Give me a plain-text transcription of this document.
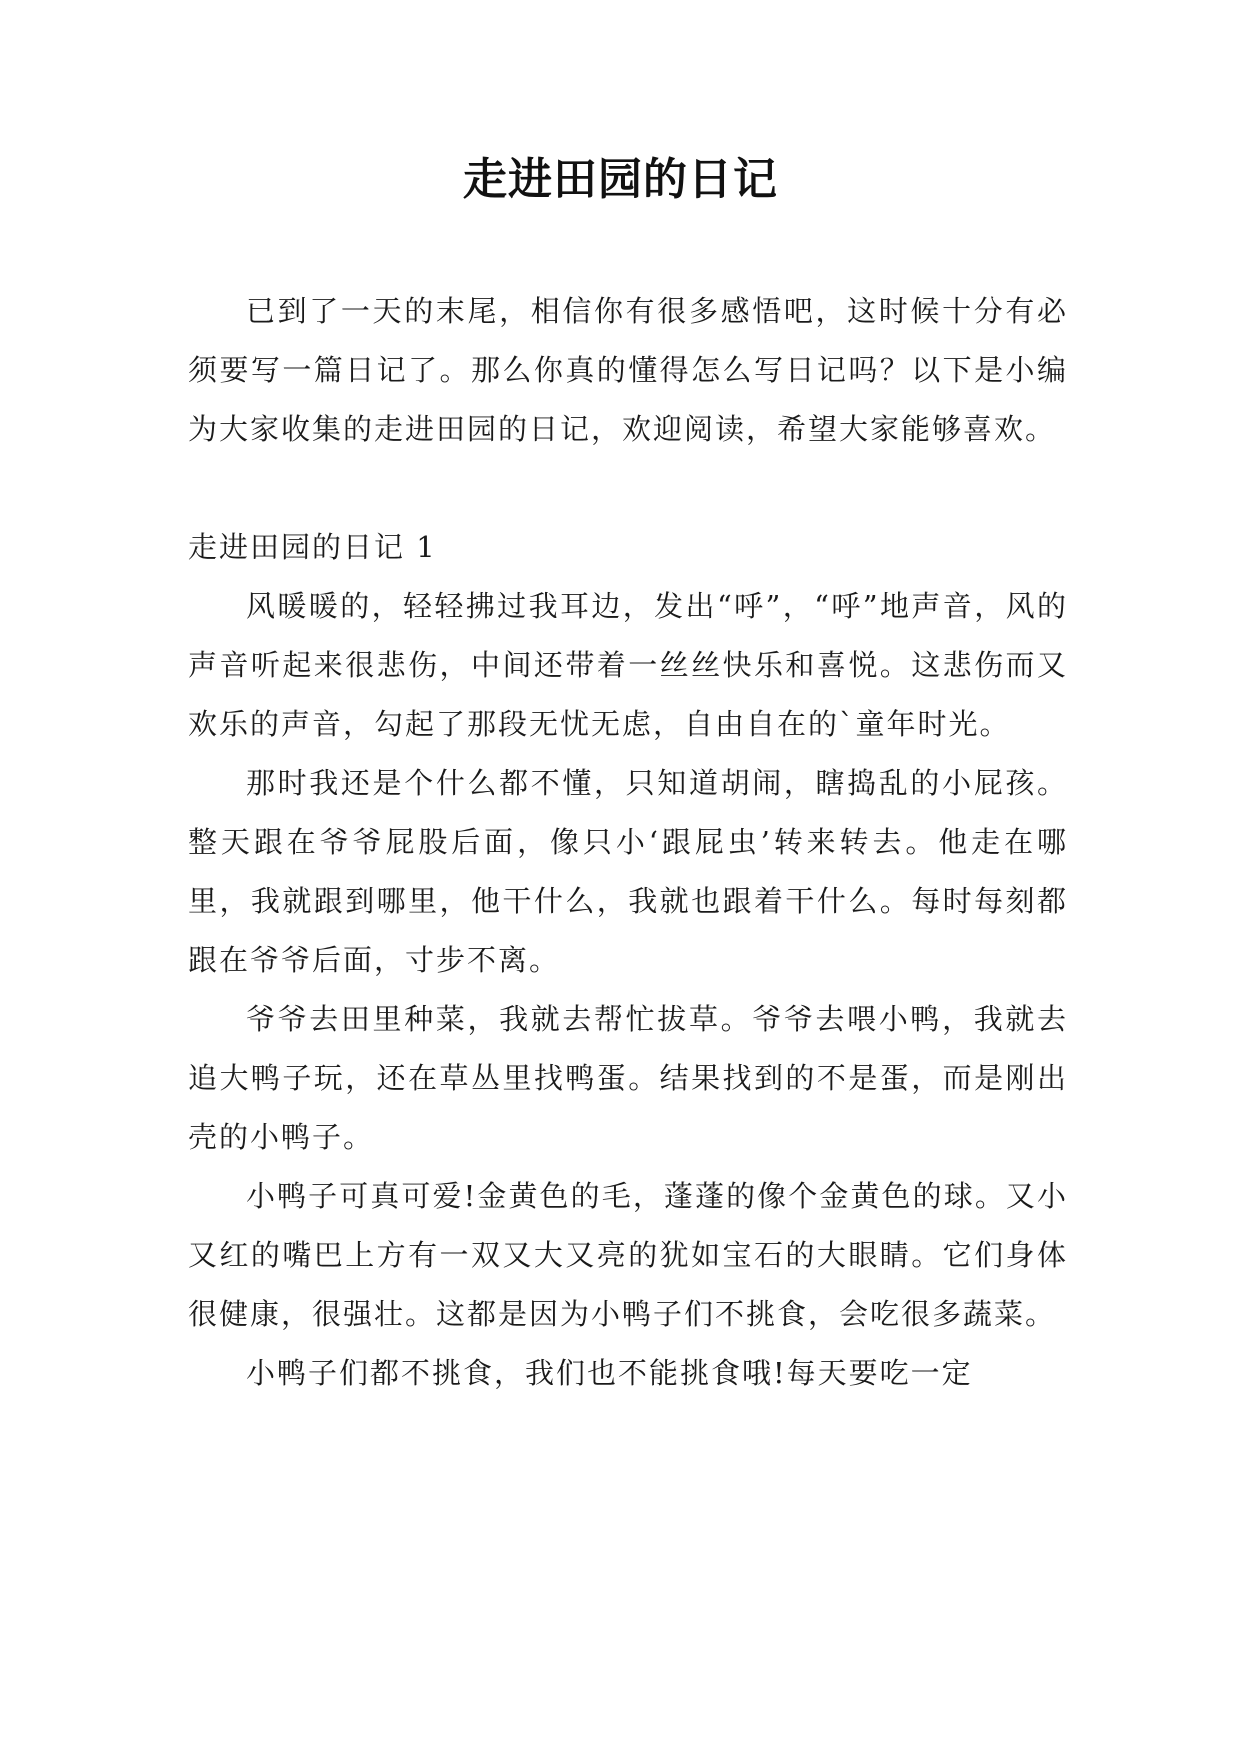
走进田园的日记

已到了一天的末尾，相信你有很多感悟吧，这时候十分有必须要写一篇日记了。那么你真的懂得怎么写日记吗？以下是小编为大家收集的走进田园的日记，欢迎阅读，希望大家能够喜欢。

走进田园的日记 1

风暖暖的，轻轻拂过我耳边，发出“呼”，“呼”地声音，风的声音听起来很悲伤，中间还带着一丝丝快乐和喜悦。这悲伤而又欢乐的声音，勾起了那段无忧无虑，自由自在的`童年时光。

那时我还是个什么都不懂，只知道胡闹，瞎捣乱的小屁孩。整天跟在爷爷屁股后面，像只小‘跟屁虫’转来转去。他走在哪里，我就跟到哪里，他干什么，我就也跟着干什么。每时每刻都跟在爷爷后面，寸步不离。

爷爷去田里种菜，我就去帮忙拔草。爷爷去喂小鸭，我就去追大鸭子玩，还在草丛里找鸭蛋。结果找到的不是蛋，而是刚出壳的小鸭子。

小鸭子可真可爱!金黄色的毛，蓬蓬的像个金黄色的球。又小又红的嘴巴上方有一双又大又亮的犹如宝石的大眼睛。它们身体很健康，很强壮。这都是因为小鸭子们不挑食，会吃很多蔬菜。

小鸭子们都不挑食，我们也不能挑食哦!每天要吃一定
